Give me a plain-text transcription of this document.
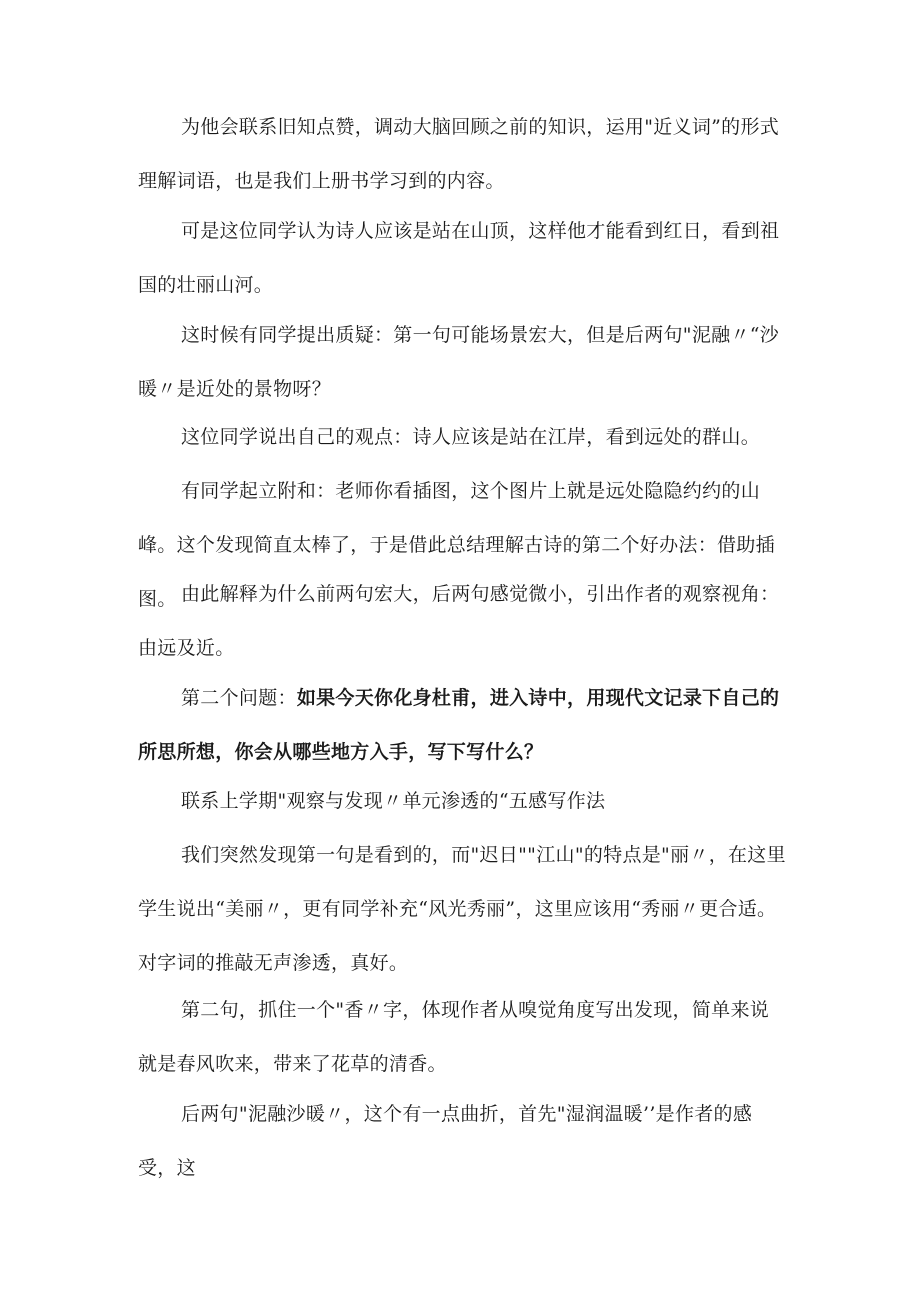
为他会联系旧知点赞，调动大脑回顾之前的知识，运用"近义词”的形式理解词语，也是我们上册书学习到的内容。

可是这位同学认为诗人应该是站在山顶，这样他才能看到红日，看到祖国的壮丽山河。

这时候有同学提出质疑：第一句可能场景宏大，但是后两句"泥融〃“沙暖〃是近处的景物呀？

这位同学说出自己的观点：诗人应该是站在江岸，看到远处的群山。

有同学起立附和：老师你看插图，这个图片上就是远处隐隐约约的山峰。这个发现简直太棒了，于是借此总结理解古诗的第二个好办法：借助插图。 由此解释为什么前两句宏大，后两句感觉微小，引出作者的观察视角：由远及近。

第二个问题：如果今天你化身杜甫，进入诗中，用现代文记录下自己的所思所想，你会从哪些地方入手，写下写什么？

联系上学期"观察与发现〃单元渗透的“五感写作法

我们突然发现第一句是看到的，而"迟日""江山"的特点是"丽〃，在这里学生说出“美丽〃，更有同学补充“风光秀丽”，这里应该用“秀丽〃更合适。对字词的推敲无声渗透，真好。

第二句，抓住一个"香〃字，体现作者从嗅觉角度写出发现，简单来说就是春风吹来，带来了花草的清香。

后两句"泥融沙暖〃，这个有一点曲折，首先"湿润温暖’’是作者的感受，这
